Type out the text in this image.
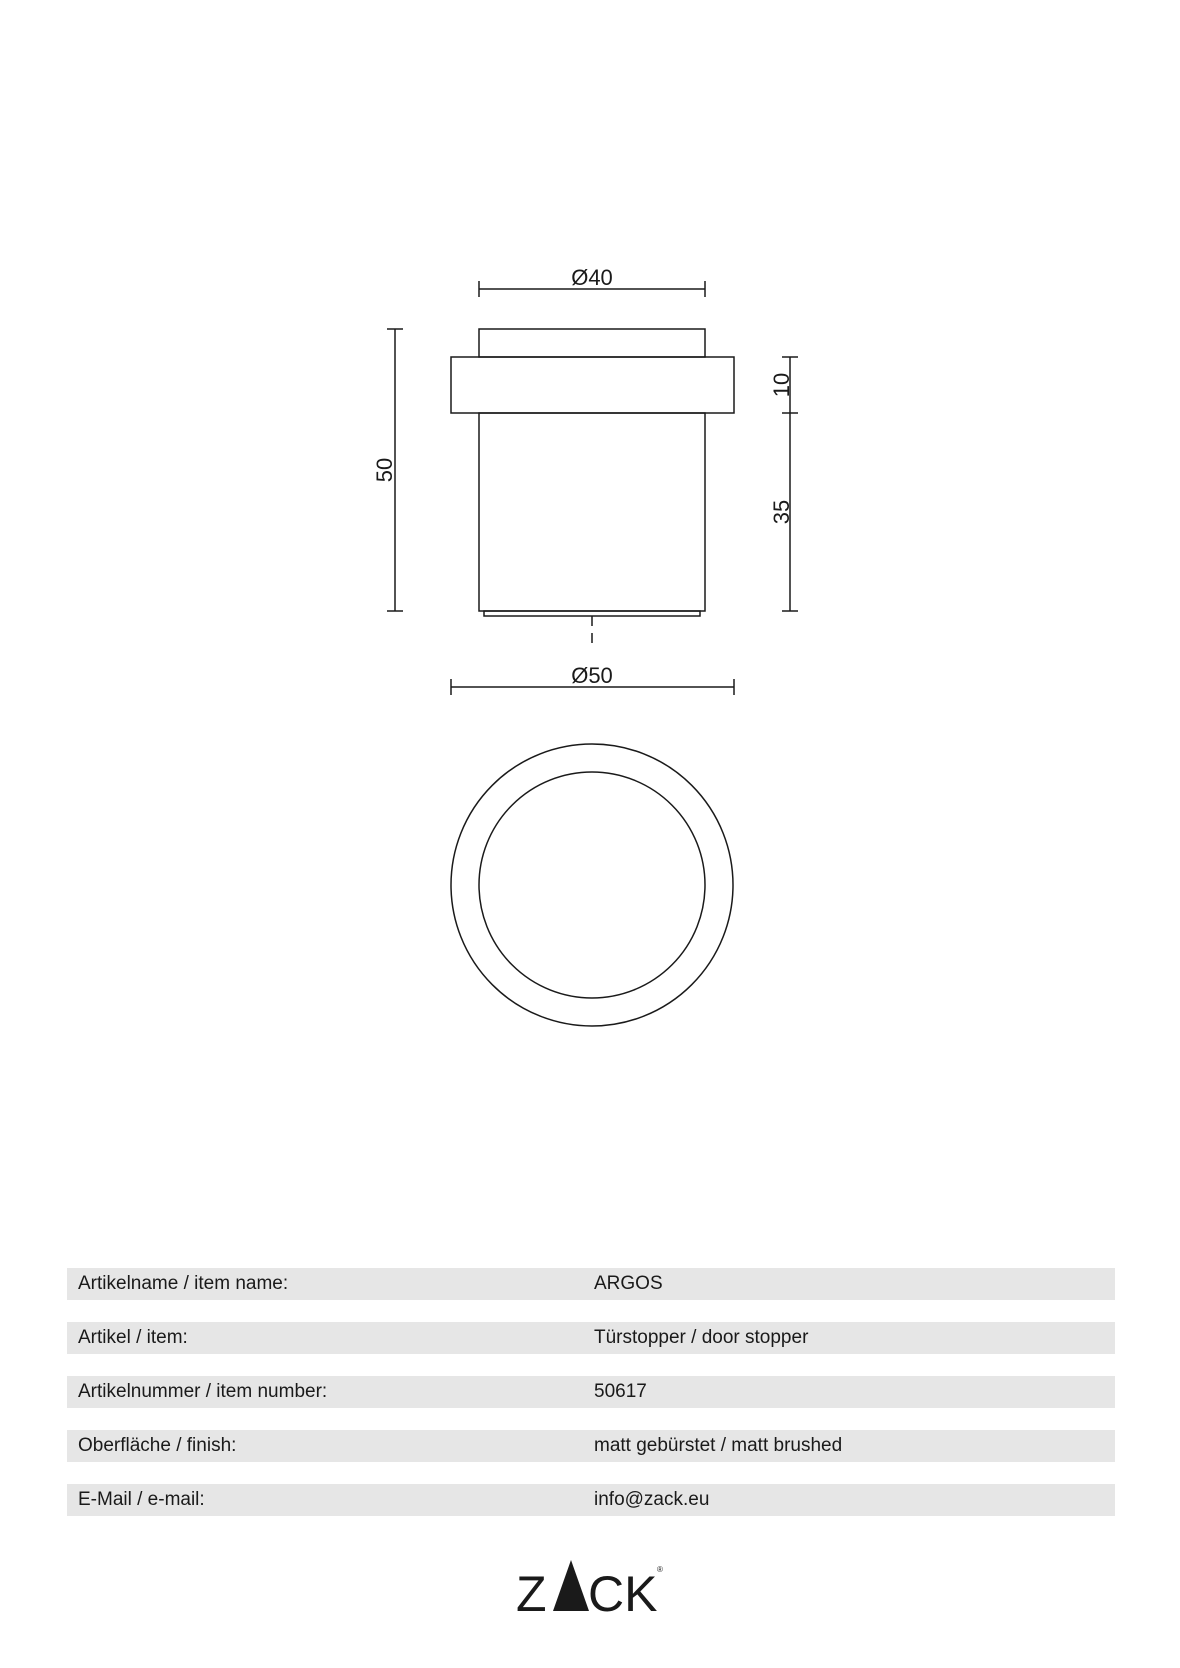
Ø40
Ø50
50
10
35
Artikelname / item name:	ARGOS
Artikel / item:	Türstopper / door stopper
Artikelnummer / item number:	50617
Oberfläche / finish:	matt gebürstet / matt brushed
E-Mail / e-mail:	info@zack.eu
Z CK ®
